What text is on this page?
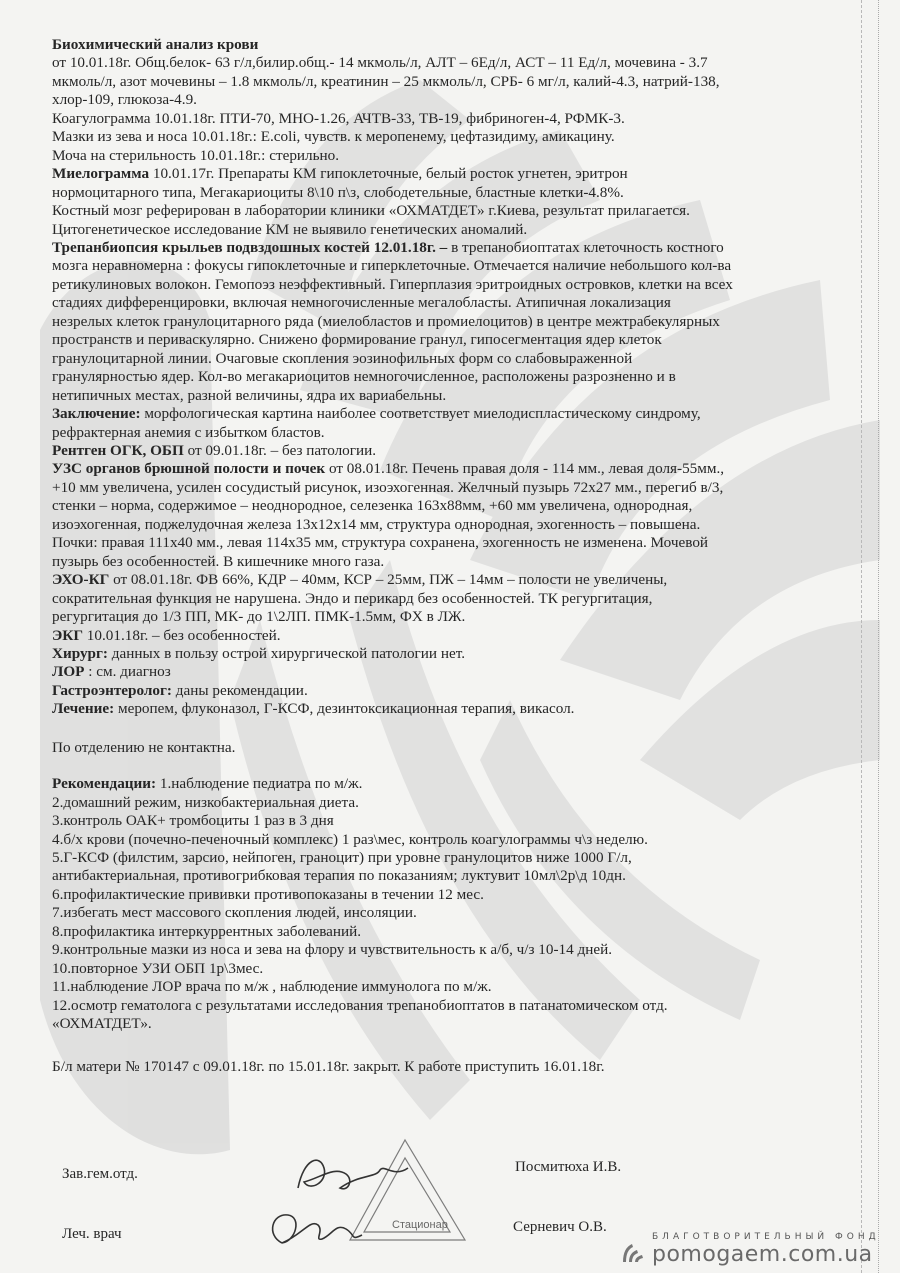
Биохимический анализ крови

от 10.01.18г. Общ.белок- 63 г/л,билир.общ.- 14 мкмоль/л, АЛТ – 6Ед/л, АСТ – 11 Ед/л, мочевина - 3.7

мкмоль/л, азот мочевины – 1.8 мкмоль/л, креатинин – 25 мкмоль/л, СРБ- 6 мг/л, калий-4.3, натрий-138,

хлор-109, глюкоза-4.9.

Коагулограмма 10.01.18г. ПТИ-70, МНО-1.26, АЧТВ-33, ТВ-19, фибриноген-4, РФМК-3.

Мазки из зева и носа 10.01.18г.: E.coli, чувств. к меропенему, цефтазидиму, амикацину.

Моча на стерильность 10.01.18г.: стерильно.

Миелограмма 10.01.17г. Препараты КМ гипоклеточные, белый росток угнетен, эритрон

нормоцитарного типа, Мегакариоциты 8\10 п\з, слободетельные, бластные клетки-4.8%.

Костный мозг реферирован в лаборатории клиники «ОХМАТДЕТ» г.Киева, результат прилагается.

Цитогенетическое исследование КМ не выявило генетических аномалий.

Трепанбиопсия крыльев подвздошных костей 12.01.18г. – в трепанобиоптатах клеточность костного

мозга неравномерна : фокусы гипоклеточные и гиперклеточные. Отмечается наличие небольшого кол-ва

ретикулиновых волокон. Гемопоэз неэффективный. Гиперплазия эритроидных островков, клетки на всех

стадиях дифференцировки, включая немногочисленные мегалобласты. Атипичная локализация

незрелых клеток гранулоцитарного ряда (миелобластов и промиелоцитов) в центре межтрабекулярных

пространств и периваскулярно. Снижено формирование гранул, гипосегментация ядер клеток

гранулоцитарной линии. Очаговые скопления эозинофильных форм со слабовыраженной

гранулярностью ядер. Кол-во мегакариоцитов немногочисленное, расположены разрозненно и в

нетипичных местах, разной величины, ядра их вариабельны.

Заключение: морфологическая картина наиболее соответствует миелодиспластическому синдрому,

рефрактерная анемия с избытком бластов.

Рентген ОГК, ОБП от 09.01.18г. – без патологии.

УЗС органов брюшной полости и почек от 08.01.18г. Печень правая доля - 114 мм., левая доля-55мм.,

+10 мм увеличена, усилен сосудистый рисунок, изоэхогенная. Желчный пузырь 72х27 мм., перегиб в/3,

стенки – норма, содержимое – неоднородное, селезенка 163х88мм, +60 мм увеличена, однородная,

изоэхогенная, поджелудочная железа 13х12х14 мм, структура однородная, эхогенность – повышена.

Почки: правая 111х40 мм., левая 114х35 мм, структура сохранена, эхогенность не изменена. Мочевой

пузырь без особенностей. В кишечнике много газа.

ЭХО-КГ от 08.01.18г. ФВ 66%, КДР – 40мм, КСР – 25мм, ПЖ – 14мм – полости не увеличены,

сократительная функция не нарушена. Эндо и перикард без особенностей. ТК регургитация,

регургитация до 1/3 ПП, МК- до 1\2ЛП. ПМК-1.5мм, ФХ в ЛЖ.

ЭКГ 10.01.18г. – без особенностей.

Хирург: данных в пользу острой хирургической патологии нет.

ЛОР : см. диагноз

Гастроэнтеролог: даны рекомендации.

Лечение: меропем, флуконазол, Г-КСФ, дезинтоксикационная терапия, викасол.

По отделению не контактна.

Рекомендации: 1.наблюдение педиатра по м/ж.

2.домашний режим, низкобактериальная диета.

3.контроль ОАК+ тромбоциты 1 раз в 3 дня

4.б/х крови (почечно-печеночный комплекс) 1 раз\мес, контроль коагулограммы ч\з неделю.

5.Г-КСФ (филстим, зарсио, нейпоген, граноцит) при уровне гранулоцитов ниже 1000 Г/л,

антибактериальная, противогрибковая терапия по показаниям; луктувит 10мл\2р\д 10дн.

6.профилактические прививки противопоказаны в течении 12 мес.

7.избегать мест массового скопления людей, инсоляции.

8.профилактика интеркуррентных заболеваний.

9.контрольные мазки из носа и зева на флору и чувствительность к а/б, ч/з 10-14 дней.

10.повторное УЗИ ОБП 1р\3мес.

11.наблюдение ЛОР врача по м/ж , наблюдение иммунолога по м/ж.

12.осмотр гематолога с результатами исследования трепанобиоптатов в патанатомическом отд.

«ОХМАТДЕТ».

Б/л матери № 170147 с 09.01.18г. по 15.01.18г. закрыт. К работе приступить 16.01.18г.

Стационар
Зав.гем.отд.	Посмитюха И.В.
Леч. врач	Серневич О.В.
БЛАГОТВОРИТЕЛЬНЫЙ ФОНД
pomogaem.com.ua
